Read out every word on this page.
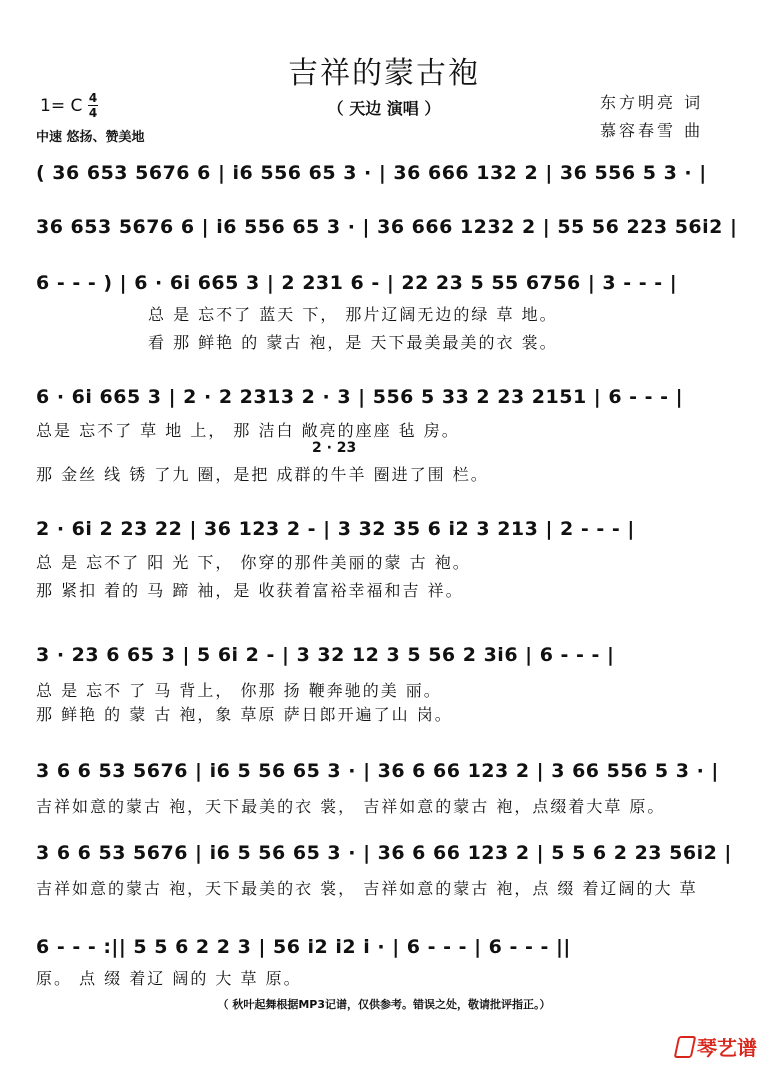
吉祥的蒙古袍
（ 天边 演唱 ）
1= C 4
4
中速 悠扬、赞美地
东方明亮 词
慕容春雪 曲
( 36 653 5676 6 | i6 556 65 3 · | 36 666 132 2 | 36 556 5 3 · |
36 653 5676 6 | i6 556 65 3 · | 36 666 1232 2 | 55 56 223 56i2 |
6 - - - ) | 6 · 6i 665 3 | 2 231 6 - | 22 23 5 55 6756 | 3 - - - |
总 是 忘不了 蓝天 下， 那片辽阔无边的绿 草 地。
看 那 鲜艳 的 蒙古 袍，是 天下最美最美的衣 裳。
6 · 6i 665 3 | 2 · 2 2313 2 · 3 | 556 5 33 2 23 2151 | 6 - - - |
总是 忘不了 草 地 上， 那 洁白 敞亮的座座 毡 房。
2 · 23
那 金丝 线 锈 了九 圈，是把 成群的牛羊 圈进了围 栏。
2 · 6i 2 23 22 | 36 123 2 - | 3 32 35 6 i2 3 213 | 2 - - - |
总 是 忘不了 阳 光 下， 你穿的那件美丽的蒙 古 袍。
那 紧扣 着的 马 蹄 袖，是 收获着富裕幸福和吉 祥。
3 · 23 6 65 3 | 5 6i 2 - | 3 32 12 3 5 56 2 3i6 | 6 - - - |
总 是 忘不 了 马 背上， 你那 扬 鞭奔驰的美 丽。
那 鲜艳 的 蒙 古 袍，象 草原 萨日郎开遍了山 岗。
3 6 6 53 5676 | i6 5 56 65 3 · | 36 6 66 123 2 | 3 66 556 5 3 · |
吉祥如意的蒙古 袍，天下最美的衣 裳， 吉祥如意的蒙古 袍，点缀着大草 原。
3 6 6 53 5676 | i6 5 56 65 3 · | 36 6 66 123 2 | 5 5 6 2 23 56i2 |
吉祥如意的蒙古 袍，天下最美的衣 裳， 吉祥如意的蒙古 袍，点 缀 着辽阔的大 草
6 - - - :|| 5 5 6 2 2 3 | 56 i2 i2 i · | 6 - - - | 6 - - - ||
原。 点 缀 着辽 阔的 大 草 原。
（ 秋叶起舞根据MP3记谱，仅供参考。错误之处，敬请批评指正。）
琴艺谱
